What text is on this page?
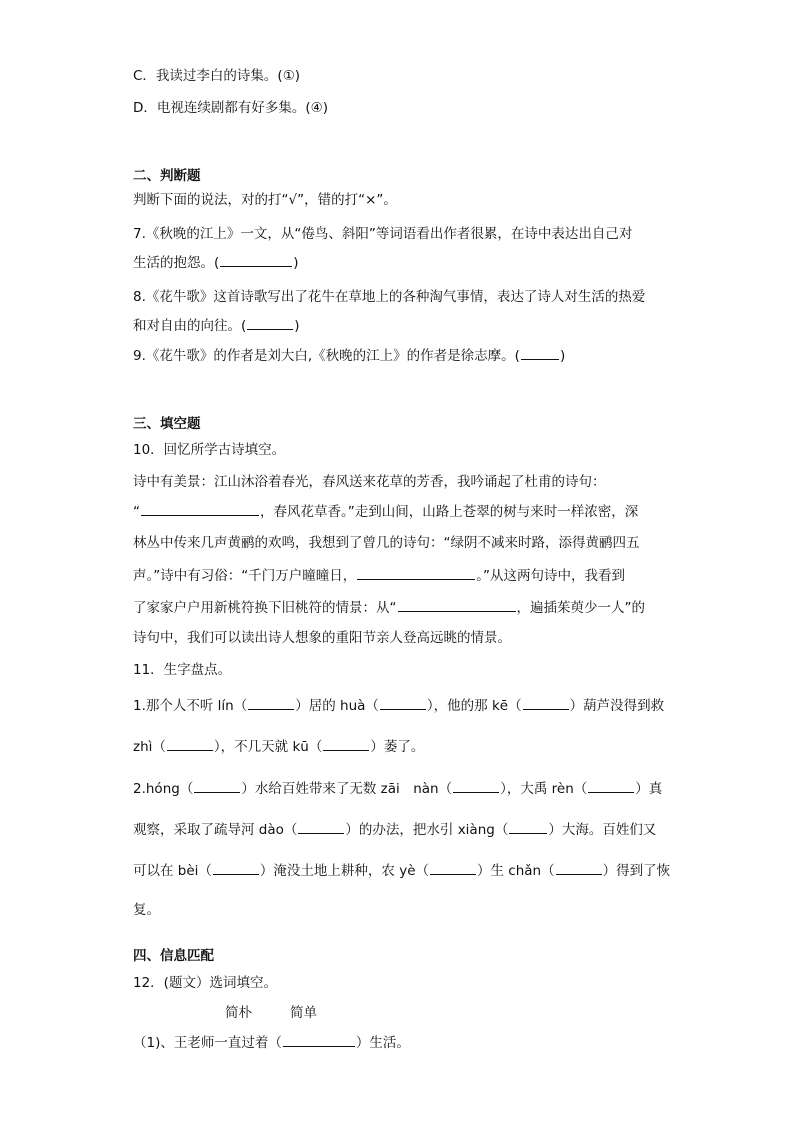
C．我读过李白的诗集。(①)
D．电视连续剧都有好多集。(④)
二、判断题
判断下面的说法，对的打“√”，错的打“×”。
7.《秋晚的江上》一文，从“倦鸟、斜阳”等词语看出作者很累，在诗中表达出自己对
生活的抱怨。(	)
8.《花牛歌》这首诗歌写出了花牛在草地上的各种淘气事情，表达了诗人对生活的热爱
和对自由的向往。(	)
9.《花牛歌》的作者是刘大白,《秋晚的江上》的作者是徐志摩。(	)
三、填空题
10．回忆所学古诗填空。
诗中有美景：江山沐浴着春光，春风送来花草的芳香，我吟诵起了杜甫的诗句：
“	，春风花草香。”走到山间，山路上苍翠的树与来时一样浓密，深
林丛中传来几声黄鹂的欢鸣，我想到了曾几的诗句：“绿阴不减来时路，添得黄鹂四五
声。”诗中有习俗：“千门万户曈曈日，	。”从这两句诗中，我看到
了家家户户用新桃符换下旧桃符的情景：从“	，遍插茱萸少一人”的
诗句中，我们可以读出诗人想象的重阳节亲人登高远眺的情景。
11．生字盘点。
1.那个人不听 lín（	）居的 huà（	），他的那 kē（	）葫芦没得到救
zhì（	），不几天就 kū（	）萎了。
2.hóng（	）水给百姓带来了无数 zāi　nàn（	），大禹 rèn（	）真
观察，采取了疏导河 dào（	）的办法，把水引 xiàng（	）大海。百姓们又
可以在 bèi（	）淹没土地上耕种，农 yè（	）生 chǎn（	）得到了恢
复。
四、信息匹配
12．(题文）选词填空。
简朴	简单
（1)、王老师一直过着（	）生活。
